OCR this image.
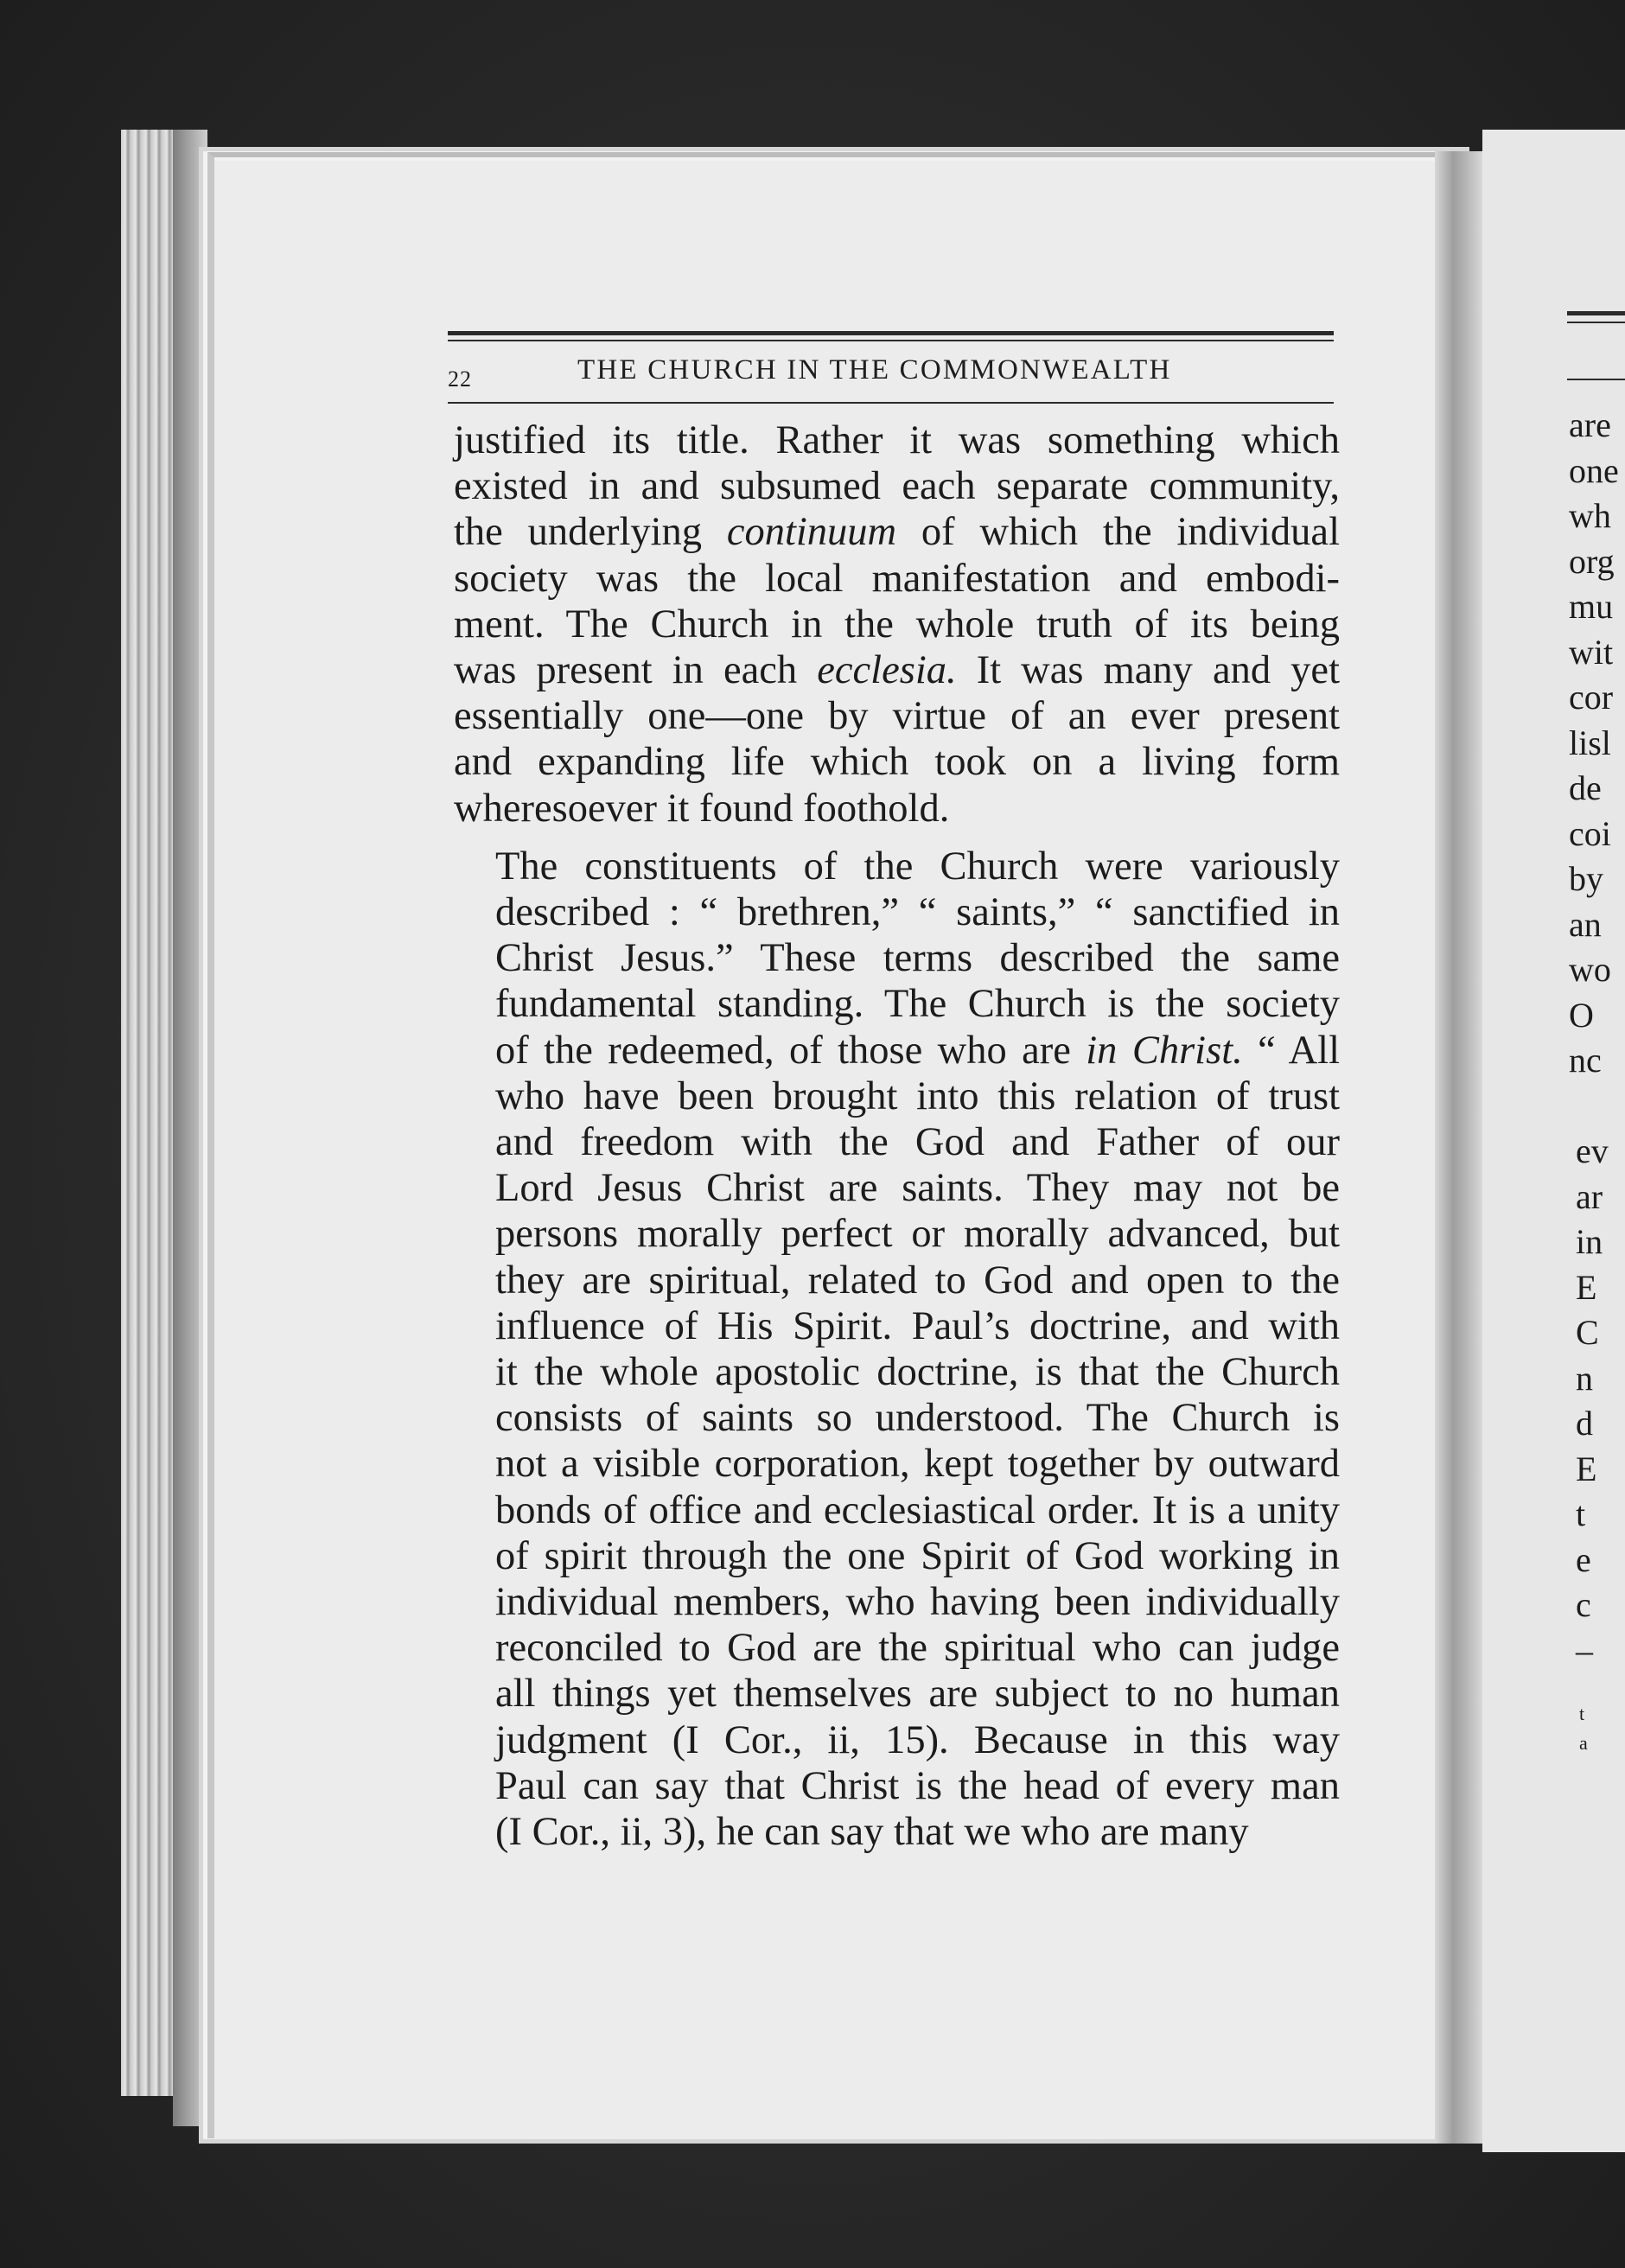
are
one
wh
org
mu
wit
cor
lisl
de
coi
by
an
wo
O
nc
ev
ar
in
E
C
n
d
E
t
e
c
–
t
a
22	THE CHURCH IN THE COMMONWEALTH

justified its title. Rather it was something which
existed in and subsumed each separate community,
the underlying continuum of which the individual
society was the local manifestation and embodi-
ment. The Church in the whole truth of its being
was present in each ecclesia. It was many and yet
essentially one—one by virtue of an ever present
and expanding life which took on a living form
wheresoever it found foothold.

The constituents of the Church were variously
described : “ brethren,” “ saints,” “ sanctified in
Christ Jesus.” These terms described the same
fundamental standing. The Church is the society
of the redeemed, of those who are in Christ. “ All
who have been brought into this relation of trust
and freedom with the God and Father of our
Lord Jesus Christ are saints. They may not be
persons morally perfect or morally advanced, but
they are spiritual, related to God and open to the
influence of His Spirit. Paul’s doctrine, and with
it the whole apostolic doctrine, is that the Church
consists of saints so understood. The Church is
not a visible corporation, kept together by outward
bonds of office and ecclesiastical order. It is a unity
of spirit through the one Spirit of God working in
individual members, who having been individually
reconciled to God are the spiritual who can judge
all things yet themselves are subject to no human
judgment (I Cor., ii, 15). Because in this way
Paul can say that Christ is the head of every man
(I Cor., ii, 3), he can say that we who are many
